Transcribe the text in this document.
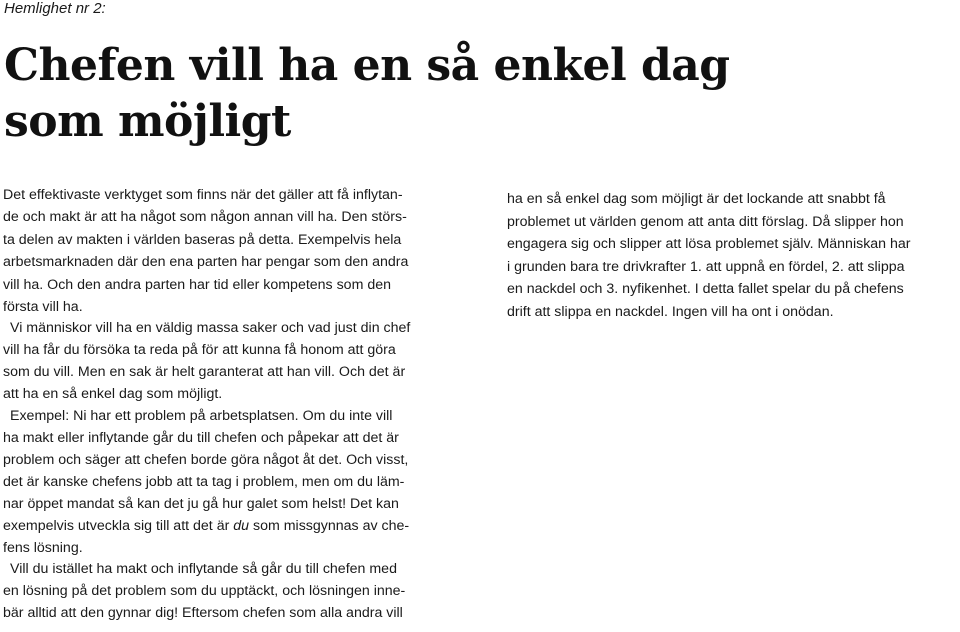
Hemlighet nr 2:
Chefen vill ha en så enkel dag
som möjligt

Det effektivaste verktyget som finns när det gäller att få inflytan-
de och makt är att ha något som någon annan vill ha. Den störs-
ta delen av makten i världen baseras på detta. Exempelvis hela
arbetsmarknaden där den ena parten har pengar som den andra
vill ha. Och den andra parten har tid eller kompetens som den
första vill ha.

Vi människor vill ha en väldig massa saker och vad just din chef
vill ha får du försöka ta reda på för att kunna få honom att göra
som du vill. Men en sak är helt garanterat att han vill. Och det är
att ha en så enkel dag som möjligt.

Exempel: Ni har ett problem på arbetsplatsen. Om du inte vill
ha makt eller inflytande går du till chefen och påpekar att det är
problem och säger att chefen borde göra något åt det. Och visst,
det är kanske chefens jobb att ta tag i problem, men om du läm-
nar öppet mandat så kan det ju gå hur galet som helst! Det kan
exempelvis utveckla sig till att det är du som missgynnas av che-
fens lösning.

Vill du istället ha makt och inflytande så går du till chefen med
en lösning på det problem som du upptäckt, och lösningen inne-
bär alltid att den gynnar dig! Eftersom chefen som alla andra vill

ha en så enkel dag som möjligt är det lockande att snabbt få
problemet ut världen genom att anta ditt förslag. Då slipper hon
engagera sig och slipper att lösa problemet själv. Människan har
i grunden bara tre drivkrafter 1. att uppnå en fördel, 2. att slippa
en nackdel och 3. nyfikenhet. I detta fallet spelar du på chefens
drift att slippa en nackdel. Ingen vill ha ont i onödan.
